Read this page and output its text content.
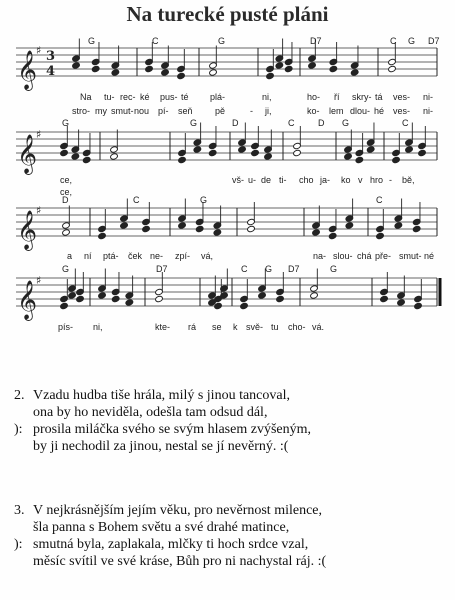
Na turecké pusté pláni
𝄞
♯ 3
4
𝄞
♯
𝄞
♯
𝄞
♯
G	C	G	D7	C G D7
Na tu- rec- ké pus- té plá-	ni,	ho- ří skry- tá ves- ni-
stro- my smut- nou pí- seň pě	- ji,	ko- lem dlou- hé ves- ni-
G	G	D	C	D G	C
ce,	vš- u- de ti- cho ja- ko v hro - bě,
ce,
D	C	G	C
a ní ptá- ček ne- zpí- vá,	na- slou- chá pře- smut- né
G	D7	C G D7	G
pís- ni,	kte- rá se k svě- tu cho- vá.
2. Vzadu hudba tiše hrála, milý s jinou tancoval,
ona by ho neviděla, odešla tam odsud dál,
): prosila miláčka svého se svým hlasem zvýšeným,
by ji nechodil za jinou, nestal se jí nevěrný. :(
3. V nejkrásnějším jejím věku, pro nevěrnost milence,
šla panna s Bohem světu a své drahé matince,
): smutná byla, zaplakala, mlčky ti hoch srdce vzal,
měsíc svítil ve své kráse, Bůh pro ni nachystal ráj. :(
